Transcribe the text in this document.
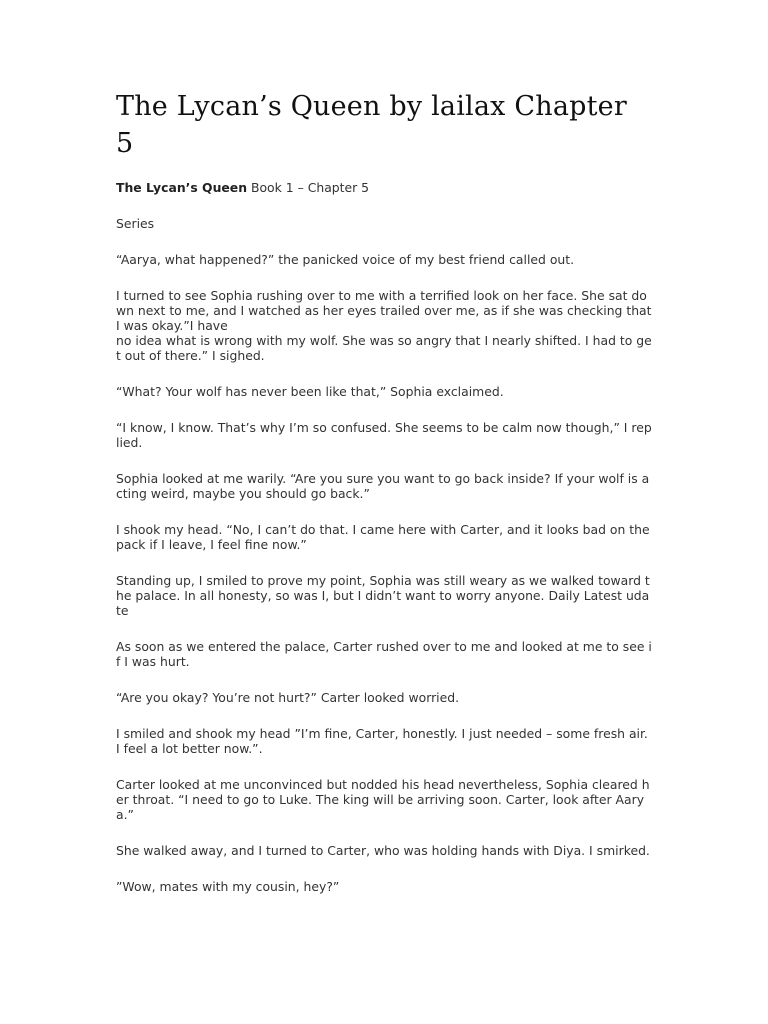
The Lycan’s Queen by lailax Chapter 5

The Lycan’s Queen Book 1 – Chapter 5

Series

“Aarya, what happened?” the panicked voice of my best friend called out.

I turned to see Sophia rushing over to me with a terrified look on her face. She sat down next to me, and I watched as her eyes trailed over me, as if she was checking that I was okay.”I have

no idea what is wrong with my wolf. She was so angry that I nearly shifted. I had to get out of there.” I sighed.

“What? Your wolf has never been like that,” Sophia exclaimed.

“I know, I know. That’s why I’m so confused. She seems to be calm now though,” I replied.

Sophia looked at me warily. “Are you sure you want to go back inside? If your wolf is acting weird, maybe you should go back.”

I shook my head. “No, I can’t do that. I came here with Carter, and it looks bad on the pack if I leave, I feel fine now.”

Standing up, I smiled to prove my point, Sophia was still weary as we walked toward the palace. In all honesty, so was I, but I didn’t want to worry anyone. Daily Latest udate

As soon as we entered the palace, Carter rushed over to me and looked at me to see if I was hurt.

“Are you okay? You’re not hurt?” Carter looked worried.

I smiled and shook my head ”I’m fine, Carter, honestly. I just needed – some fresh air. I feel a lot better now.”.

Carter looked at me unconvinced but nodded his head nevertheless, Sophia cleared her throat. “I need to go to Luke. The king will be arriving soon. Carter, look after Aarya.”

She walked away, and I turned to Carter, who was holding hands with Diya. I smirked.

”Wow, mates with my cousin, hey?”
